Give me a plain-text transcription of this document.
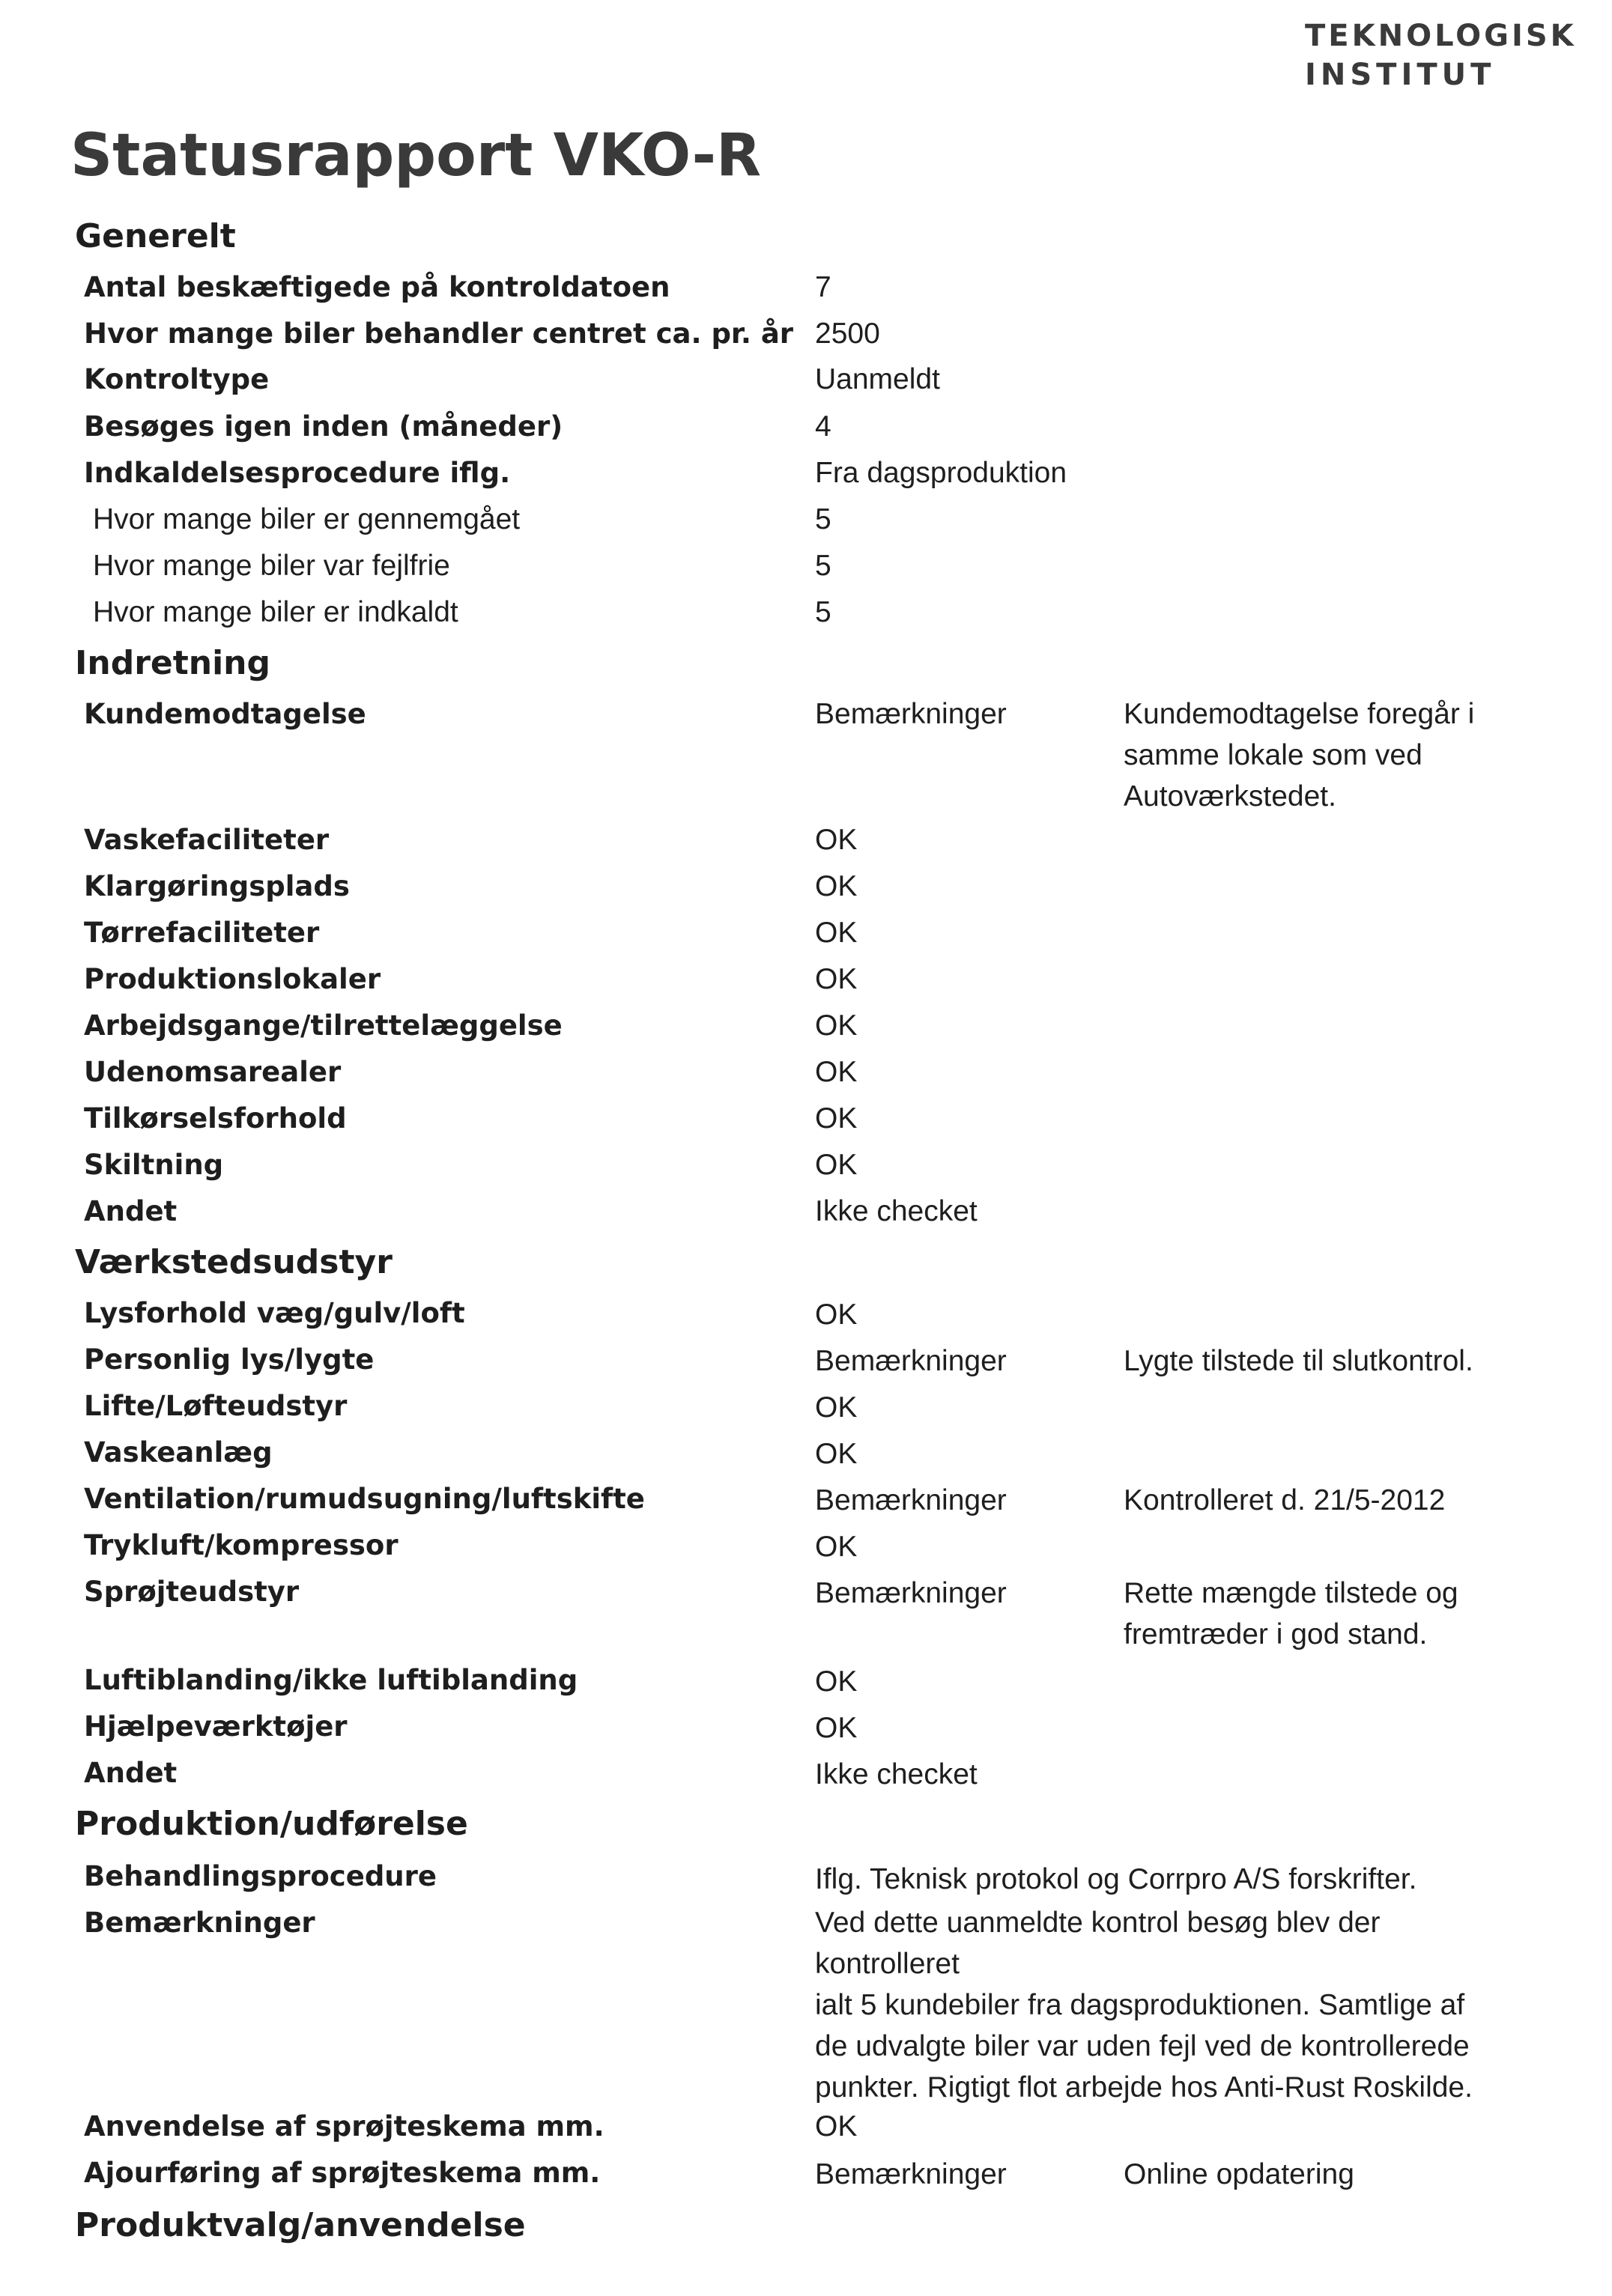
TEKNOLOGISK
INSTITUT
Statusrapport VKO-R
Generelt
Antal beskæftigede på kontroldatoen	7
Hvor mange biler behandler centret ca. pr. år 2500
Kontroltype	Uanmeldt
Besøges igen inden (måneder)	4
Indkaldelsesprocedure iflg.	Fra dagsproduktion
Hvor mange biler er gennemgået	5
Hvor mange biler var fejlfrie	5
Hvor mange biler er indkaldt	5
Indretning
Kundemodtagelse	Bemærkninger	Kundemodtagelse foregår i
samme lokale som ved
Autoværkstedet.
Vaskefaciliteter	OK
Klargøringsplads	OK
Tørrefaciliteter	OK
Produktionslokaler	OK
Arbejdsgange/tilrettelæggelse	OK
Udenomsarealer	OK
Tilkørselsforhold	OK
Skiltning	OK
Andet	Ikke checket
Værkstedsudstyr
Lysforhold væg/gulv/loft	OK
Personlig lys/lygte	Bemærkninger	Lygte tilstede til slutkontrol.
Lifte/Løfteudstyr	OK
Vaskeanlæg	OK
Ventilation/rumudsugning/luftskifte	Bemærkninger	Kontrolleret d. 21/5-2012
Trykluft/kompressor	OK
Sprøjteudstyr	Bemærkninger	Rette mængde tilstede og
fremtræder i god stand.
Luftiblanding/ikke luftiblanding	OK
Hjælpeværktøjer	OK
Andet	Ikke checket
Produktion/udførelse
Behandlingsprocedure	Iflg. Teknisk protokol og Corrpro A/S forskrifter.
Bemærkninger	Ved dette uanmeldte kontrol besøg blev der
kontrolleret
ialt 5 kundebiler fra dagsproduktionen. Samtlige af
de udvalgte biler var uden fejl ved de kontrollerede
punkter. Rigtigt flot arbejde hos Anti-Rust Roskilde.
Anvendelse af sprøjteskema mm.	OK
Ajourføring af sprøjteskema mm.	Bemærkninger	Online opdatering
Produktvalg/anvendelse
